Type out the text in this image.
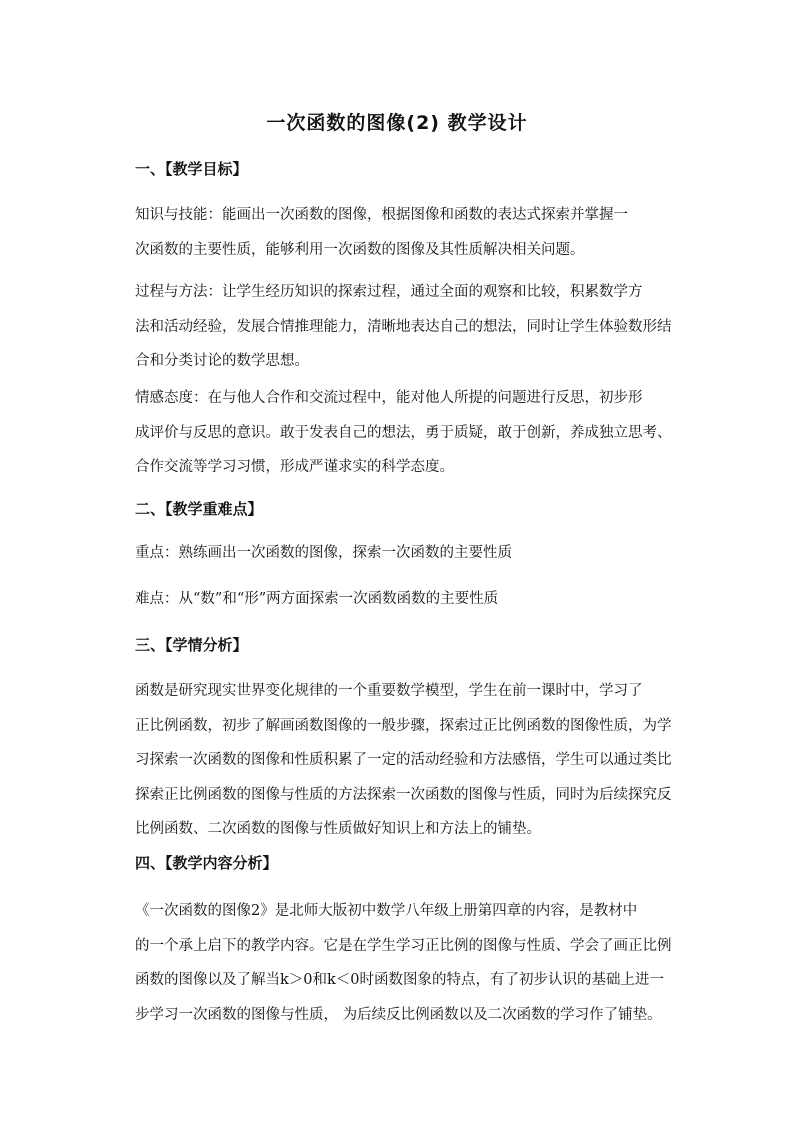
一次函数的图像(2) 教学设计
一、【教学目标】
知识与技能：能画出一次函数的图像，根据图像和函数的表达式探索并掌握一
次函数的主要性质，能够利用一次函数的图像及其性质解决相关问题。
过程与方法：让学生经历知识的探索过程，通过全面的观察和比较，积累数学方
法和活动经验，发展合情推理能力，清晰地表达自己的想法，同时让学生体验数形结
合和分类讨论的数学思想。
情感态度：在与他人合作和交流过程中，能对他人所提的问题进行反思，初步形
成评价与反思的意识。敢于发表自己的想法，勇于质疑，敢于创新，养成独立思考、
合作交流等学习习惯，形成严谨求实的科学态度。
二、【教学重难点】
重点：熟练画出一次函数的图像，探索一次函数的主要性质
难点：从“数”和“形”两方面探索一次函数函数的主要性质
三、【学情分析】
函数是研究现实世界变化规律的一个重要数学模型，学生在前一课时中，学习了
正比例函数，初步了解画函数图像的一般步骤，探索过正比例函数的图像性质，为学
习探索一次函数的图像和性质积累了一定的活动经验和方法感悟，学生可以通过类比
探索正比例函数的图像与性质的方法探索一次函数的图像与性质，同时为后续探究反
比例函数、二次函数的图像与性质做好知识上和方法上的铺垫。
四、【教学内容分析】
《一次函数的图像2》是北师大版初中数学八年级上册第四章的内容，是教材中
的一个承上启下的教学内容。它是在学生学习正比例的图像与性质、学会了画正比例
函数的图像以及了解当k＞0和k＜0时函数图象的特点，有了初步认识的基础上进一
步学习一次函数的图像与性质， 为后续反比例函数以及二次函数的学习作了铺垫。
